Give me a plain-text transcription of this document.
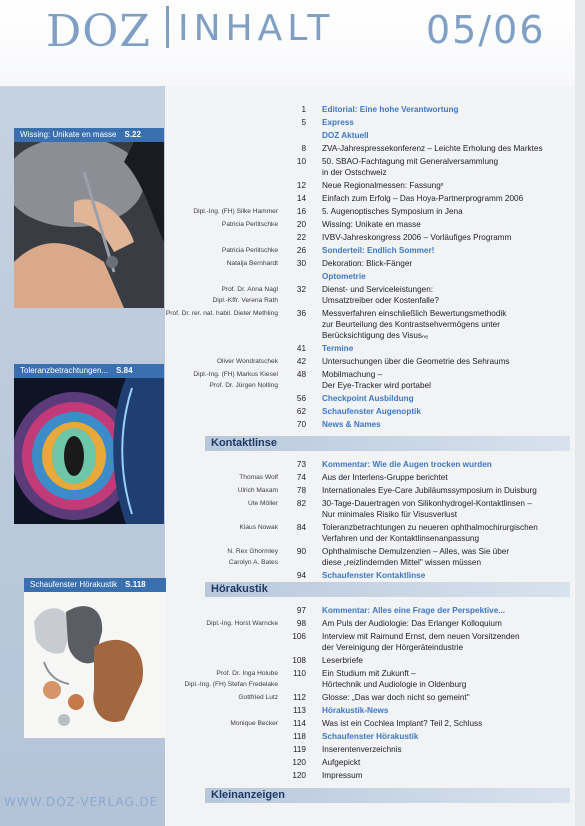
DOZ INHALT 05/06
Wissing: Unikate en masse S.22
Toleranzbetrachtungen... S.84
Schaufenster Hörakustik S.118
Kontaktlinse
Hörakustik
Kleinanzeigen
1 Editorial: Eine hohe Verantwortung
5 Express
DOZ Aktuell
8 ZVA-Jahrespressekonferenz – Leichte Erholung des Marktes
10 50. SBAO-Fachtagung mit Generalversammlung
in der Ostschweiz
12 Neue Regionalmessen: Fassungˣ
14 Einfach zum Erfolg – Das Hoya-Partnerprogramm 2006
Dipl.-Ing. (FH) Silke Hammer	16 5. Augenoptisches Symposium in Jena
Patricia Perlitschke	20 Wissing: Unikate en masse
22 IVBV-Jahreskongress 2006 – Vorläufiges Programm
Patricia Perlitschke	26 Sonderteil: Endlich Sommer!
Natalja Bernhardt	30 Dekoration: Blick-Fänger
Optometrie
Prof. Dr. Anna Nagl	32 Dienst- und Serviceleistungen:
Dipl.-Kffr. Verena Rath	Umsatztreiber oder Kostenfalle?
Prof. Dr. rer. nat. habil. Dieter Methling	36 Messverfahren einschließlich Bewertungsmethodik
zur Beurteilung des Kontrastsehvermögens unter
Berücksichtigung des Visusₙₑ
41 Termine
Oliver Wondratschek	42 Untersuchungen über die Geometrie des Sehraums
Dipl.-Ing. (FH) Markus Kiesel	48 Mobilmachung –
Prof. Dr. Jürgen Nolting	Der Eye-Tracker wird portabel
56 Checkpoint Ausbildung
62 Schaufenster Augenoptik
70 News & Names
73 Kommentar: Wie die Augen trocken wurden
Thomas Wolf	74 Aus der Interlens-Gruppe berichtet
Ulrich Maxam	78 Internationales Eye-Care Jubiläumssymposium in Duisburg
Ute Möller	82 30-Tage-Dauertragen von Silikonhydrogel-Kontaktlinsen –
Nur minimales Risiko für Visusverlust
Klaus Nowak	84 Toleranzbetrachtungen zu neueren ophthalmochirurgischen
Verfahren und der Kontaktlinsenanpassung
N. Rex Ghormley	90 Ophthalmische Demulzenzien – Alles, was Sie über
Carolyn A. Bates	diese „reizlindernden Mittel" wissen müssen
94 Schaufenster Kontaktlinse
97 Kommentar: Alles eine Frage der Perspektive...
Dipl.-Ing. Horst Warncke	98 Am Puls der Audiologie: Das Erlanger Kolloquium
106 Interview mit Raimund Ernst, dem neuen Vorsitzenden
der Vereinigung der Hörgeräteindustrie
108 Leserbriefe
Prof. Dr. Inga Holube	110 Ein Studium mit Zukunft –
Dipl.-Ing. (FH) Stefan Fredelake	Hörtechnik und Audiologie in Oldenburg
Gottfried Lutz	112 Glosse: „Das war doch nicht so gemeint"
113 Hörakustik-News
Monique Becker	114 Was ist ein Cochlea Implant? Teil 2, Schluss
118 Schaufenster Hörakustik
119 Inserentenverzeichnis
120 Aufgepickt
120 Impressum
WWW.DOZ-VERLAG.DE
